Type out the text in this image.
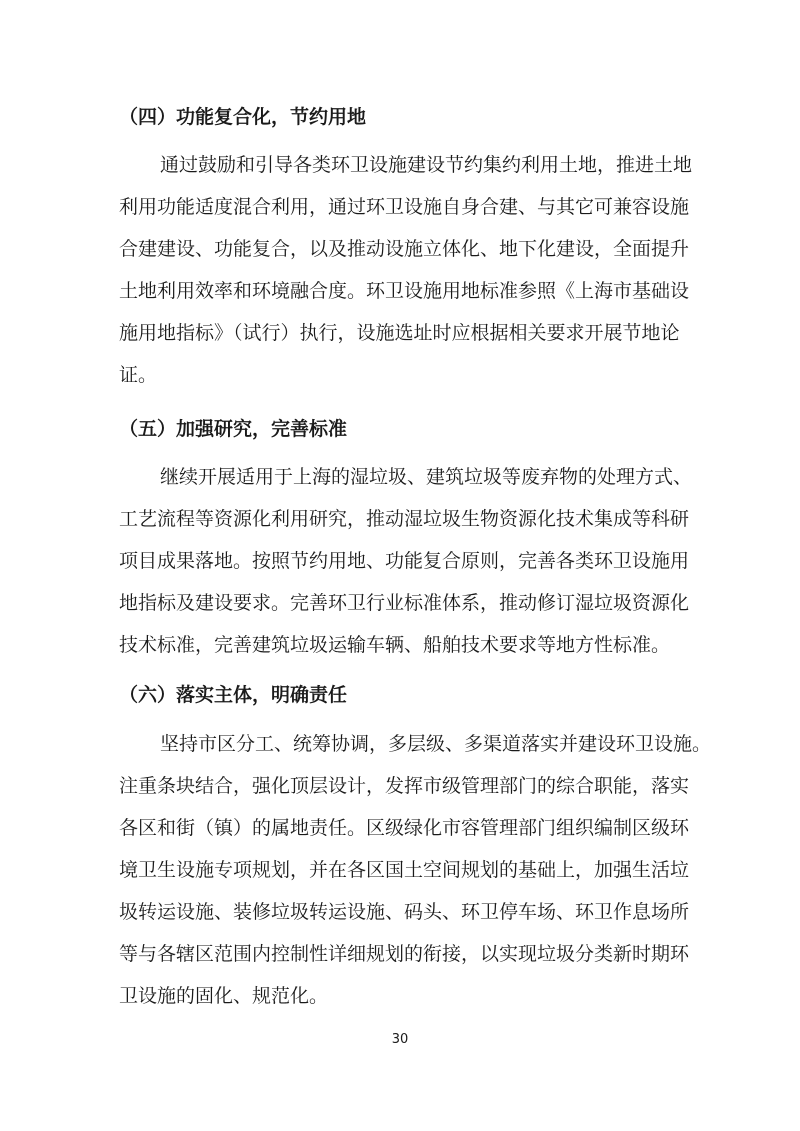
（四）功能复合化，节约用地
通过鼓励和引导各类环卫设施建设节约集约利用土地，推进土地
利用功能适度混合利用，通过环卫设施自身合建、与其它可兼容设施
合建建设、功能复合，以及推动设施立体化、地下化建设，全面提升
土地利用效率和环境融合度。环卫设施用地标准参照《上海市基础设
施用地指标》（试行）执行，设施选址时应根据相关要求开展节地论
证。
（五）加强研究，完善标准
继续开展适用于上海的湿垃圾、建筑垃圾等废弃物的处理方式、
工艺流程等资源化利用研究，推动湿垃圾生物资源化技术集成等科研
项目成果落地。按照节约用地、功能复合原则，完善各类环卫设施用
地指标及建设要求。完善环卫行业标准体系，推动修订湿垃圾资源化
技术标准，完善建筑垃圾运输车辆、船舶技术要求等地方性标准。
（六）落实主体，明确责任
坚持市区分工、统筹协调，多层级、多渠道落实并建设环卫设施。
注重条块结合，强化顶层设计，发挥市级管理部门的综合职能，落实
各区和街（镇）的属地责任。区级绿化市容管理部门组织编制区级环
境卫生设施专项规划，并在各区国土空间规划的基础上，加强生活垃
圾转运设施、装修垃圾转运设施、码头、环卫停车场、环卫作息场所
等与各辖区范围内控制性详细规划的衔接，以实现垃圾分类新时期环
卫设施的固化、规范化。
30
